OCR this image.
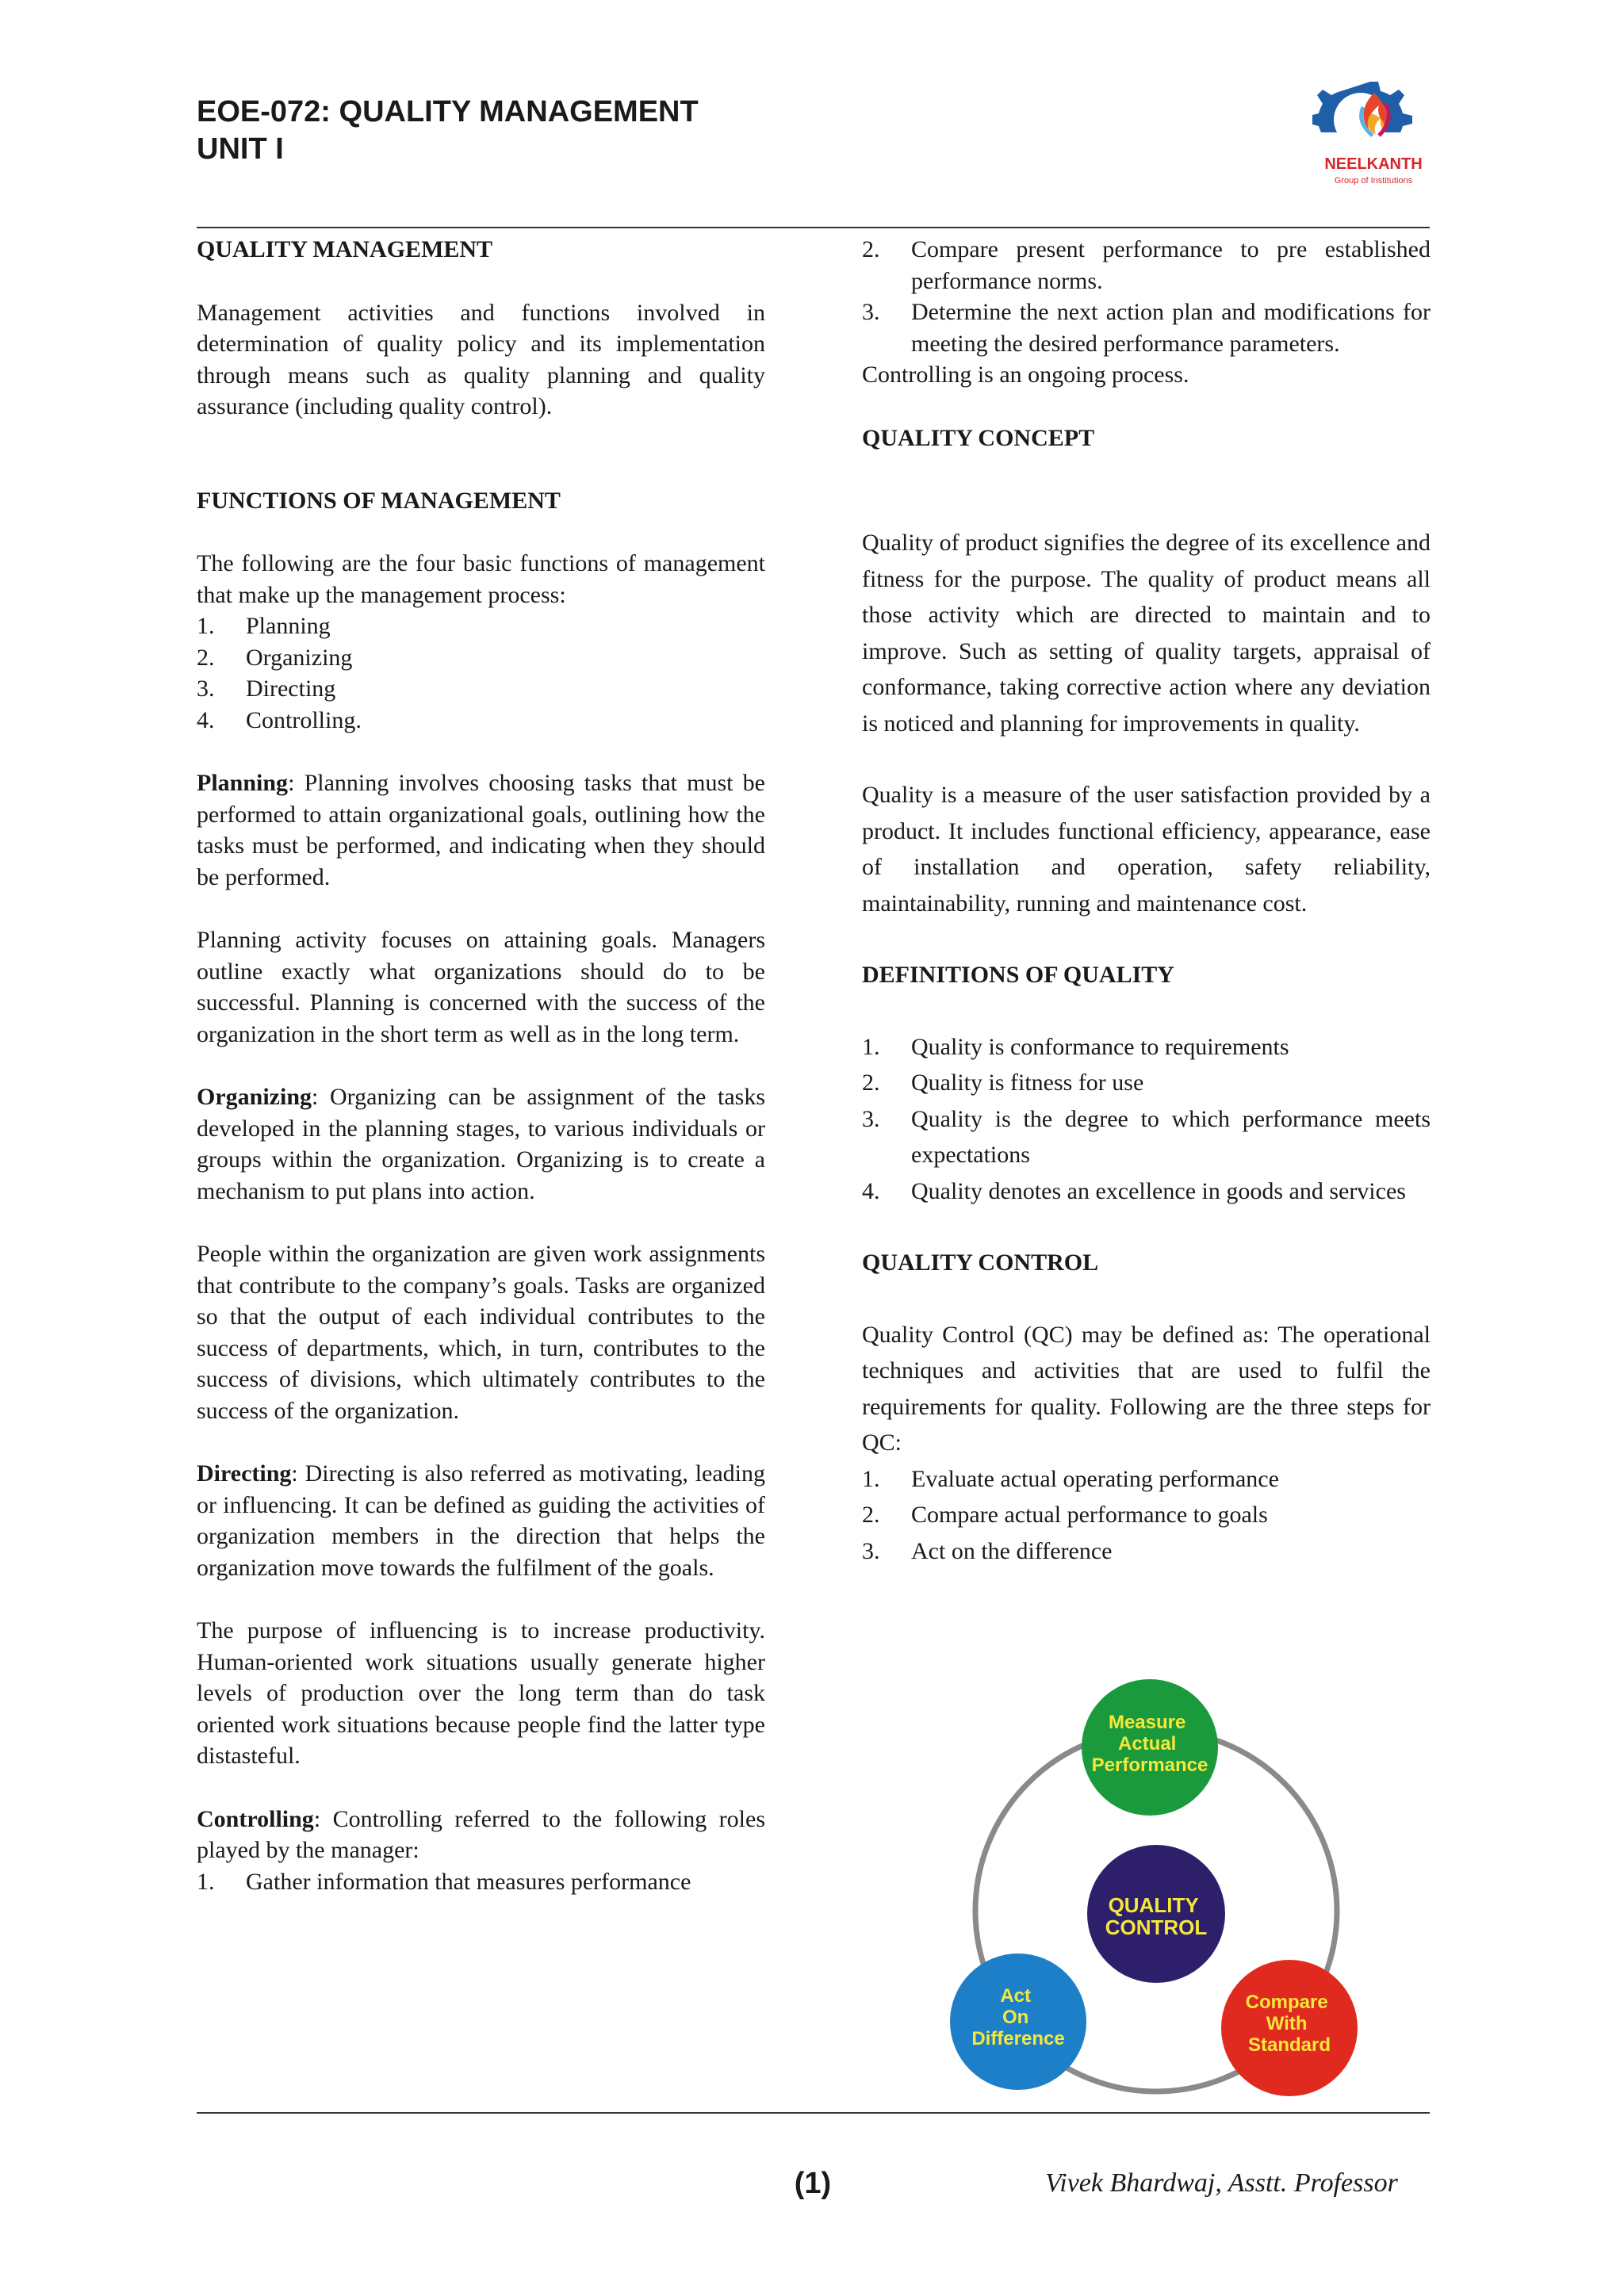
EOE-072: QUALITY MANAGEMENT
UNIT I	NEELKANTH
Group of Institutions
QUALITY MANAGEMENT

Management activities and functions involved in determination of quality policy and its implementation through means such as quality planning and quality assurance (including quality control).

FUNCTIONS OF MANAGEMENT

The following are the four basic functions of management that make up the management process:

1. Planning
2. Organizing
3. Directing
4. Controlling.

Planning: Planning involves choosing tasks that must be performed to attain organizational goals, outlining how the tasks must be performed, and indicating when they should be performed.

Planning activity focuses on attaining goals. Managers outline exactly what organizations should do to be successful. Planning is concerned with the success of the organization in the short term as well as in the long term.

Organizing: Organizing can be assignment of the tasks developed in the planning stages, to various individuals or groups within the organization. Organizing is to create a mechanism to put plans into action.

People within the organization are given work assignments that contribute to the company’s goals. Tasks are organized so that the output of each individual contributes to the success of departments, which, in turn, contributes to the success of divisions, which ultimately contributes to the success of the organization.

Directing: Directing is also referred as motivating, leading or influencing. It can be defined as guiding the activities of organization members in the direction that helps the organization move towards the fulfilment of the goals.

The purpose of influencing is to increase productivity. Human-oriented work situations usually generate higher levels of production over the long term than do task oriented work situations because people find the latter type distasteful.

Controlling: Controlling referred to the following roles played by the manager:

1. Gather information that measures performance
2. Compare present performance to pre established performance norms.
3. Determine the next action plan and modifications for meeting the desired performance parameters.

Controlling is an ongoing process.

QUALITY CONCEPT

Quality of product signifies the degree of its excellence and fitness for the purpose. The quality of product means all those activity which are directed to maintain and to improve. Such as setting of quality targets, appraisal of conformance, taking corrective action where any deviation is noticed and planning for improvements in quality.

Quality is a measure of the user satisfaction provided by a product. It includes functional efficiency, appearance, ease of installation and operation, safety reliability, maintainability, running and maintenance cost.

DEFINITIONS OF QUALITY
1. Quality is conformance to requirements
2. Quality is fitness for use
3. Quality is the degree to which performance meets expectations
4. Quality denotes an excellence in goods and services
QUALITY CONTROL

Quality Control (QC) may be defined as: The operational techniques and activities that are used to fulfil the requirements for quality. Following are the three steps for QC:

1. Evaluate actual operating performance
2. Compare actual performance to goals
3. Act on the difference
QUALITY CONTROL
Measure Actual Performance
Act On Difference
Compare With Standard
(1)	Vivek Bhardwaj, Asstt. Professor
